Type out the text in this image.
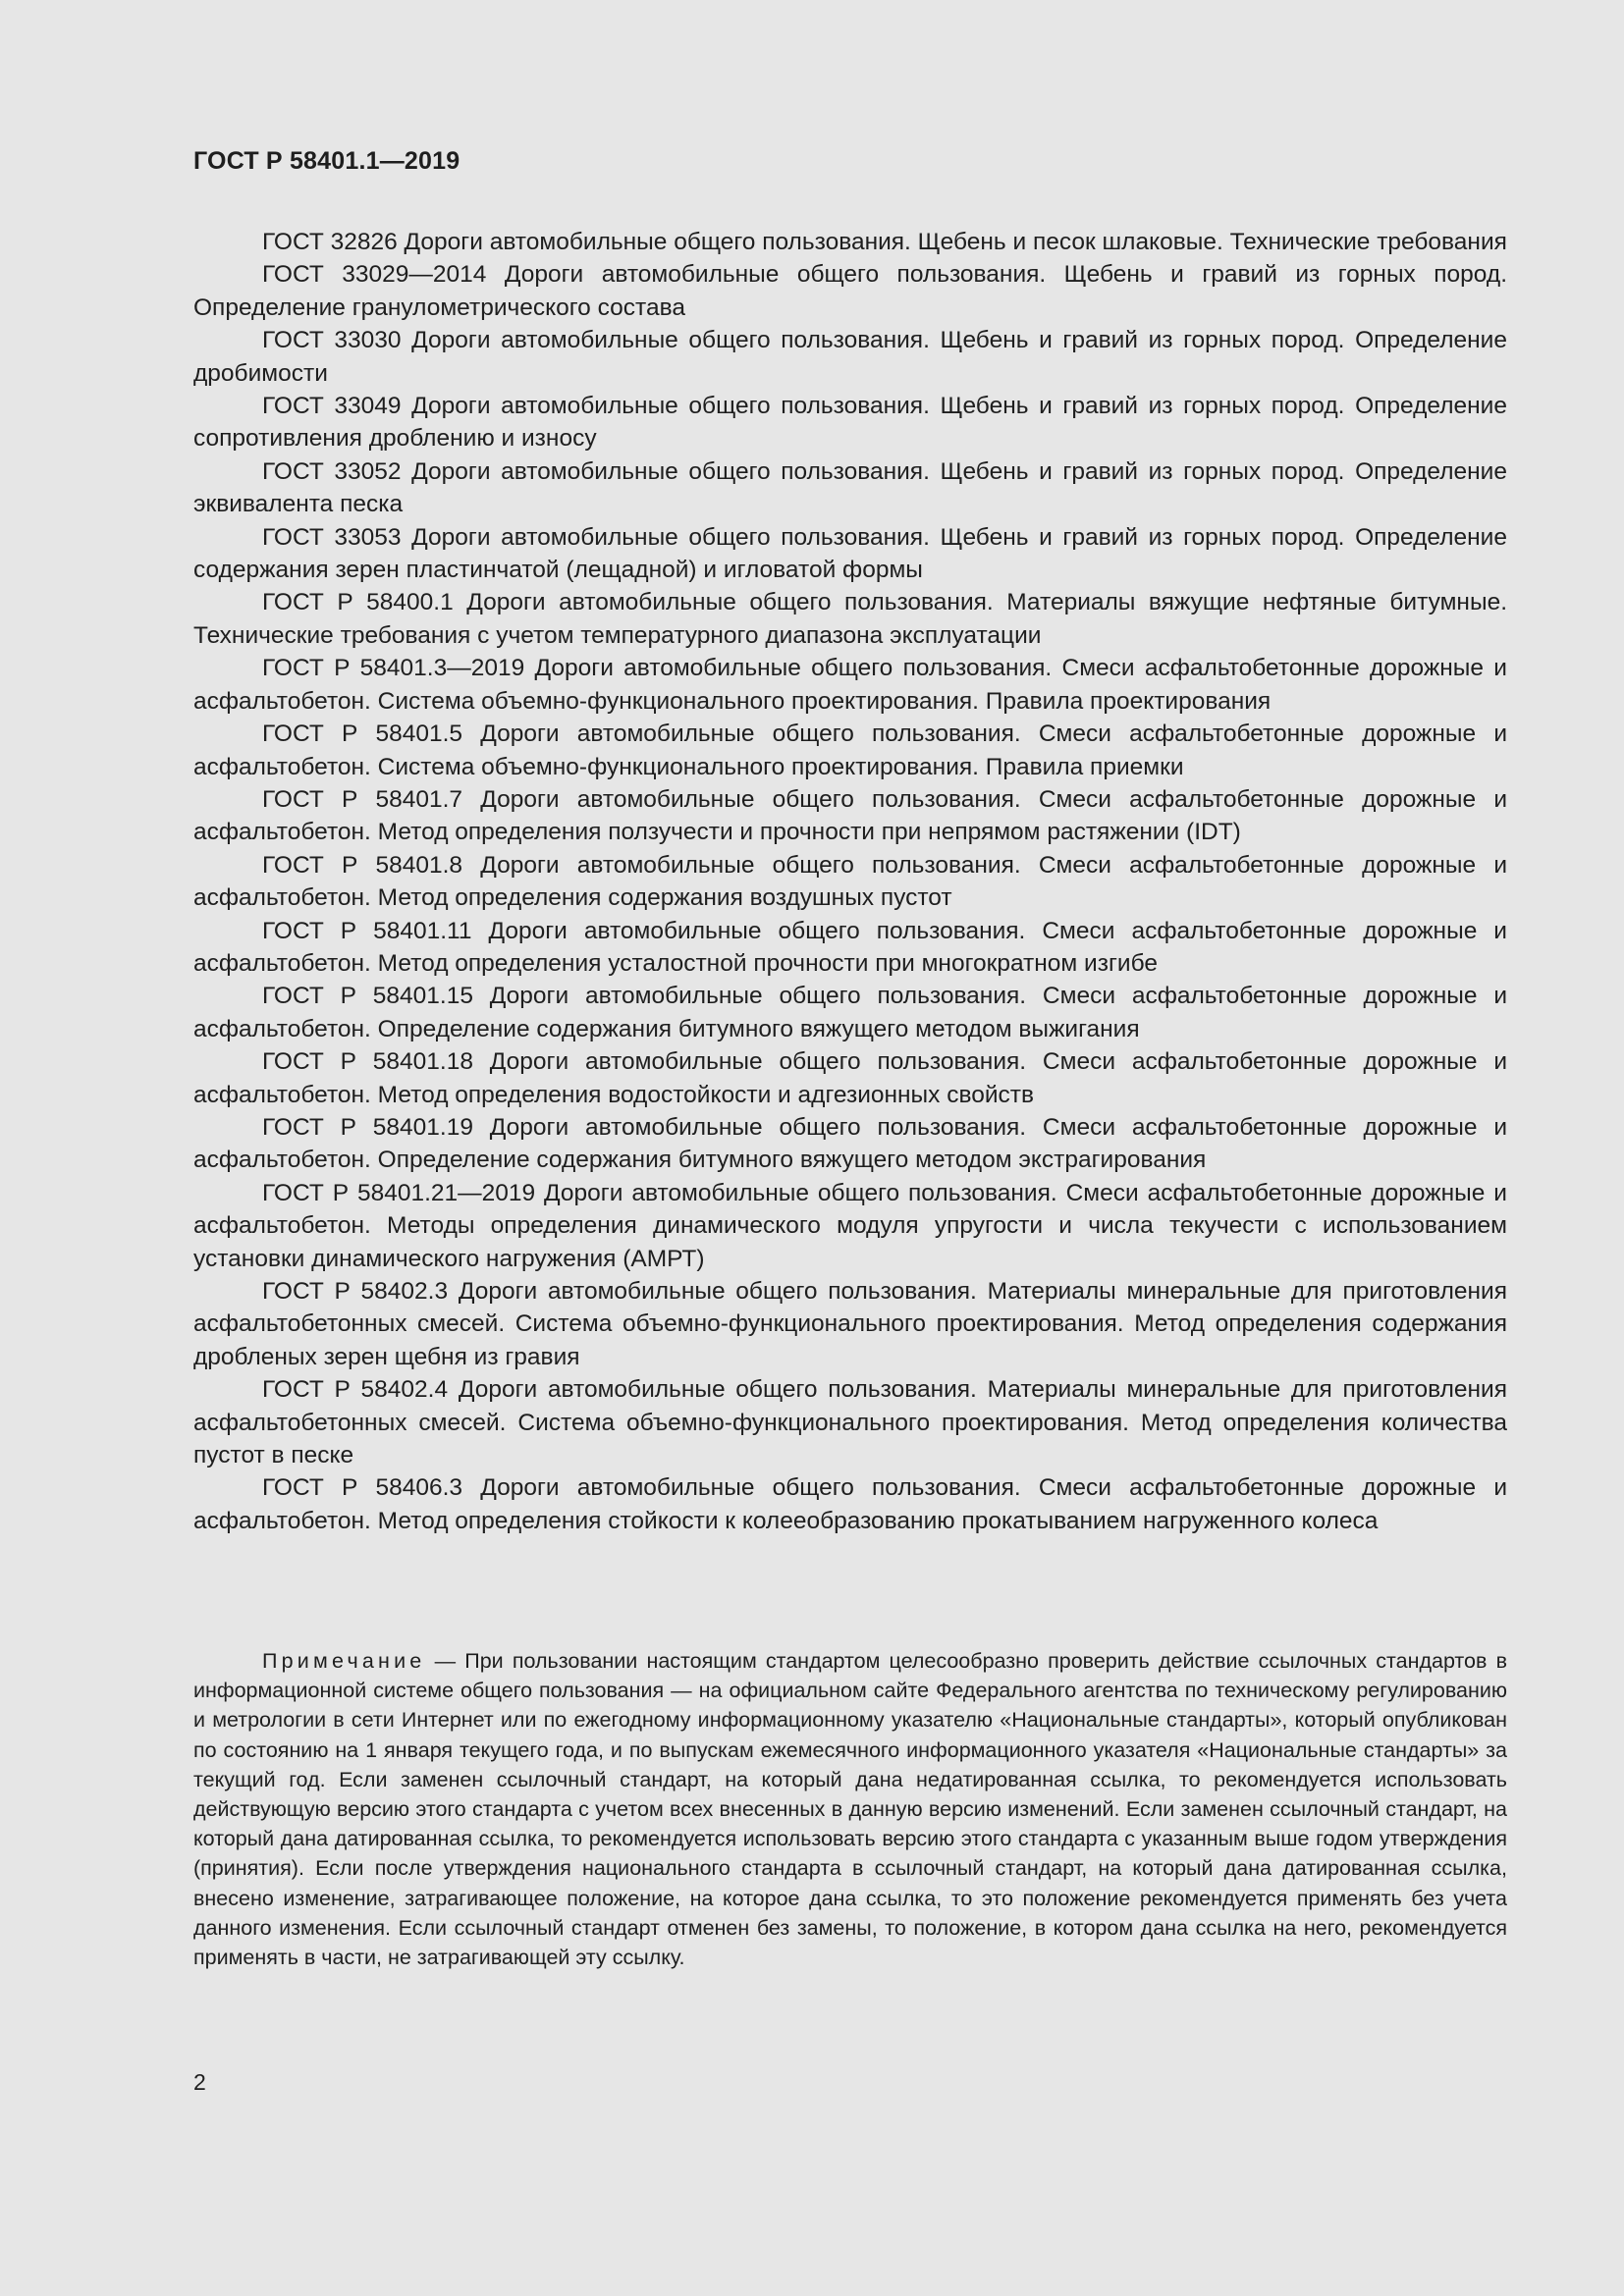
ГОСТ Р 58401.1—2019

ГОСТ 32826 Дороги автомобильные общего пользования. Щебень и песок шлаковые. Технические требования

ГОСТ 33029—2014 Дороги автомобильные общего пользования. Щебень и гравий из горных пород. Определение гранулометрического состава

ГОСТ 33030 Дороги автомобильные общего пользования. Щебень и гравий из горных пород. Определение дробимости

ГОСТ 33049 Дороги автомобильные общего пользования. Щебень и гравий из горных пород. Определение сопротивления дроблению и износу

ГОСТ 33052 Дороги автомобильные общего пользования. Щебень и гравий из горных пород. Определение эквивалента песка

ГОСТ 33053 Дороги автомобильные общего пользования. Щебень и гравий из горных пород. Определение содержания зерен пластинчатой (лещадной) и игловатой формы

ГОСТ Р 58400.1 Дороги автомобильные общего пользования. Материалы вяжущие нефтяные битумные. Технические требования с учетом температурного диапазона эксплуатации

ГОСТ Р 58401.3—2019 Дороги автомобильные общего пользования. Смеси асфальтобетонные дорожные и асфальтобетон. Система объемно-функционального проектирования. Правила проектирования

ГОСТ Р 58401.5 Дороги автомобильные общего пользования. Смеси асфальтобетонные дорожные и асфальтобетон. Система объемно-функционального проектирования. Правила приемки

ГОСТ Р 58401.7 Дороги автомобильные общего пользования. Смеси асфальтобетонные дорожные и асфальтобетон. Метод определения ползучести и прочности при непрямом растяжении (IDT)

ГОСТ Р 58401.8 Дороги автомобильные общего пользования. Смеси асфальтобетонные дорожные и асфальтобетон. Метод определения содержания воздушных пустот

ГОСТ Р 58401.11 Дороги автомобильные общего пользования. Смеси асфальтобетонные дорожные и асфальтобетон. Метод определения усталостной прочности при многократном изгибе

ГОСТ Р 58401.15 Дороги автомобильные общего пользования. Смеси асфальтобетонные дорожные и асфальтобетон. Определение содержания битумного вяжущего методом выжигания

ГОСТ Р 58401.18 Дороги автомобильные общего пользования. Смеси асфальтобетонные дорожные и асфальтобетон. Метод определения водостойкости и адгезионных свойств

ГОСТ Р 58401.19 Дороги автомобильные общего пользования. Смеси асфальтобетонные дорожные и асфальтобетон. Определение содержания битумного вяжущего методом экстрагирования

ГОСТ Р 58401.21—2019 Дороги автомобильные общего пользования. Смеси асфальтобетонные дорожные и асфальтобетон. Методы определения динамического модуля упругости и числа текучести с использованием установки динамического нагружения (АМРТ)

ГОСТ Р 58402.3 Дороги автомобильные общего пользования. Материалы минеральные для приготовления асфальтобетонных смесей. Система объемно-функционального проектирования. Метод определения содержания дробленых зерен щебня из гравия

ГОСТ Р 58402.4 Дороги автомобильные общего пользования. Материалы минеральные для приготовления асфальтобетонных смесей. Система объемно-функционального проектирования. Метод определения количества пустот в песке

ГОСТ Р 58406.3 Дороги автомобильные общего пользования. Смеси асфальтобетонные дорожные и асфальтобетон. Метод определения стойкости к колееобразованию прокатыванием нагруженного колеса

Примечание — При пользовании настоящим стандартом целесообразно проверить действие ссылочных стандартов в информационной системе общего пользования — на официальном сайте Федерального агентства по техническому регулированию и метрологии в сети Интернет или по ежегодному информационному указателю «Национальные стандарты», который опубликован по состоянию на 1 января текущего года, и по выпускам ежемесячного информационного указателя «Национальные стандарты» за текущий год. Если заменен ссылочный стандарт, на который дана недатированная ссылка, то рекомендуется использовать действующую версию этого стандарта с учетом всех внесенных в данную версию изменений. Если заменен ссылочный стандарт, на который дана датированная ссылка, то рекомендуется использовать версию этого стандарта с указанным выше годом утверждения (принятия). Если после утверждения национального стандарта в ссылочный стандарт, на который дана датированная ссылка, внесено изменение, затрагивающее положение, на которое дана ссылка, то это положение рекомендуется применять без учета данного изменения. Если ссылочный стандарт отменен без замены, то положение, в котором дана ссылка на него, рекомендуется применять в части, не затрагивающей эту ссылку.

2
